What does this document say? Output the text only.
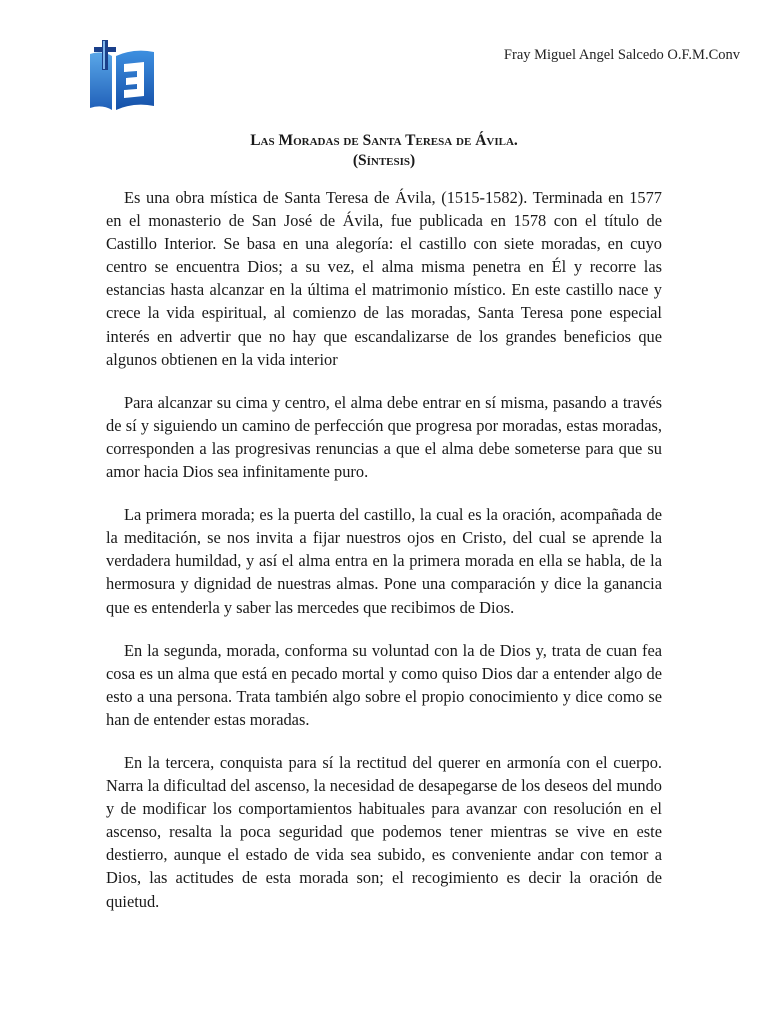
Fray Miguel Angel Salcedo O.F.M.Conv
Las Moradas de Santa Teresa de Ávila.
(Síntesis)

Es una obra mística de Santa Teresa de Ávila, (1515-1582). Terminada en 1577 en el monasterio de San José de Ávila, fue publicada en 1578 con el título de Castillo Interior. Se basa en una alegoría: el castillo con siete moradas, en cuyo centro se encuentra Dios; a su vez, el alma misma penetra en Él y recorre las estancias hasta alcanzar en la última el matrimonio místico. En este castillo nace y crece la vida espiritual, al comienzo de las moradas, Santa Teresa pone especial interés en advertir que no hay que escandalizarse de los grandes beneficios que algunos obtienen en la vida interior

Para alcanzar su cima y centro, el alma debe entrar en sí misma, pasando a través de sí y siguiendo un camino de perfección que progresa por moradas, estas moradas, corresponden a las progresivas renuncias a que el alma debe someterse para que su amor hacia Dios sea infinitamente puro.

La primera morada; es la puerta del castillo, la cual es la oración, acompañada de la meditación, se nos invita a fijar nuestros ojos en Cristo, del cual se aprende la verdadera humildad, y así el alma entra en la primera morada en ella se habla, de la hermosura y dignidad de nuestras almas. Pone una comparación y dice la ganancia que es entenderla y saber las mercedes que recibimos de Dios.

En la segunda, morada, conforma su voluntad con la de Dios y, trata de cuan fea cosa es un alma que está en pecado mortal y como quiso Dios dar a entender algo de esto a una persona. Trata también algo sobre el propio conocimiento y dice como se han de entender estas moradas.

En la tercera, conquista para sí la rectitud del querer en armonía con el cuerpo. Narra la dificultad del ascenso, la necesidad de desapegarse de los deseos del mundo y de modificar los comportamientos habituales para avanzar con resolución en el ascenso, resalta la poca seguridad que podemos tener mientras se vive en este destierro, aunque el estado de vida sea subido, es conveniente andar con temor a Dios, las actitudes de esta morada son; el recogimiento es decir la oración de quietud.
